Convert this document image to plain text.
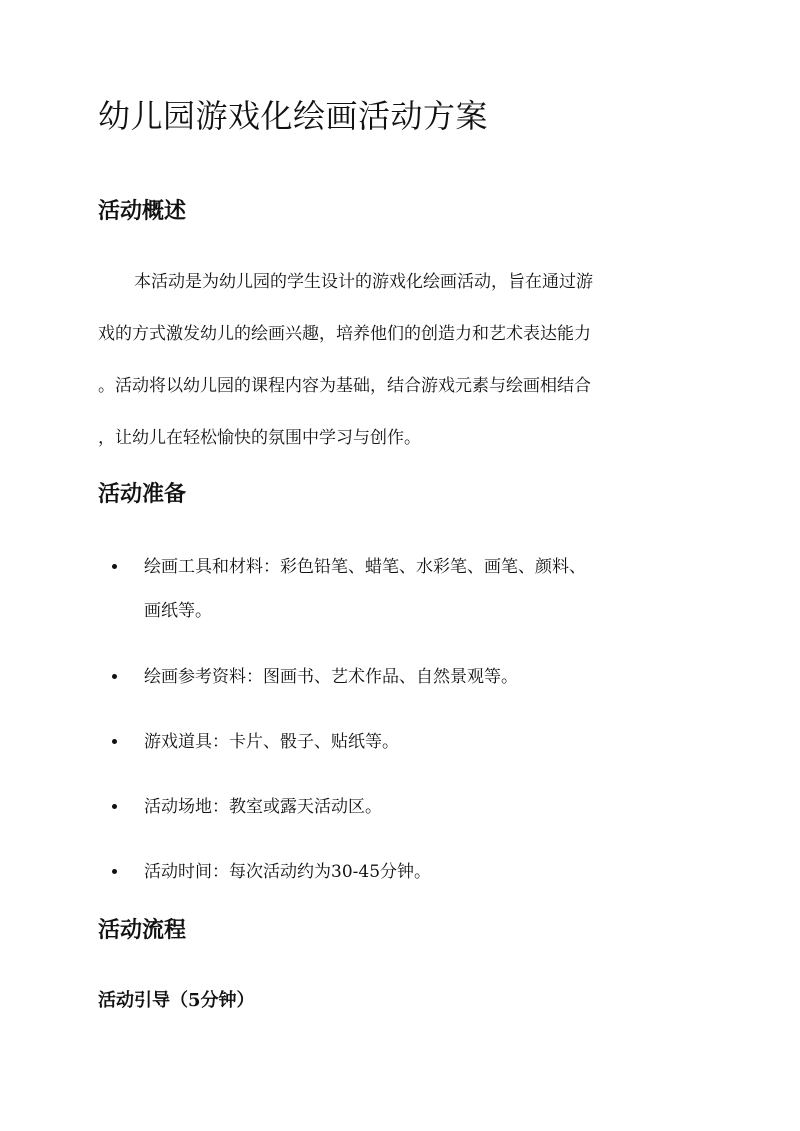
幼儿园游戏化绘画活动方案
活动概述
本活动是为幼儿园的学生设计的游戏化绘画活动，旨在通过游
戏的方式激发幼儿的绘画兴趣，培养他们的创造力和艺术表达能力
。活动将以幼儿园的课程内容为基础，结合游戏元素与绘画相结合
，让幼儿在轻松愉快的氛围中学习与创作。
活动准备
绘画工具和材料：彩色铅笔、蜡笔、水彩笔、画笔、颜料、
画纸等。
绘画参考资料：图画书、艺术作品、自然景观等。
游戏道具：卡片、骰子、贴纸等。
活动场地：教室或露天活动区。
活动时间：每次活动约为30-45分钟。
活动流程
活动引导（5分钟）
